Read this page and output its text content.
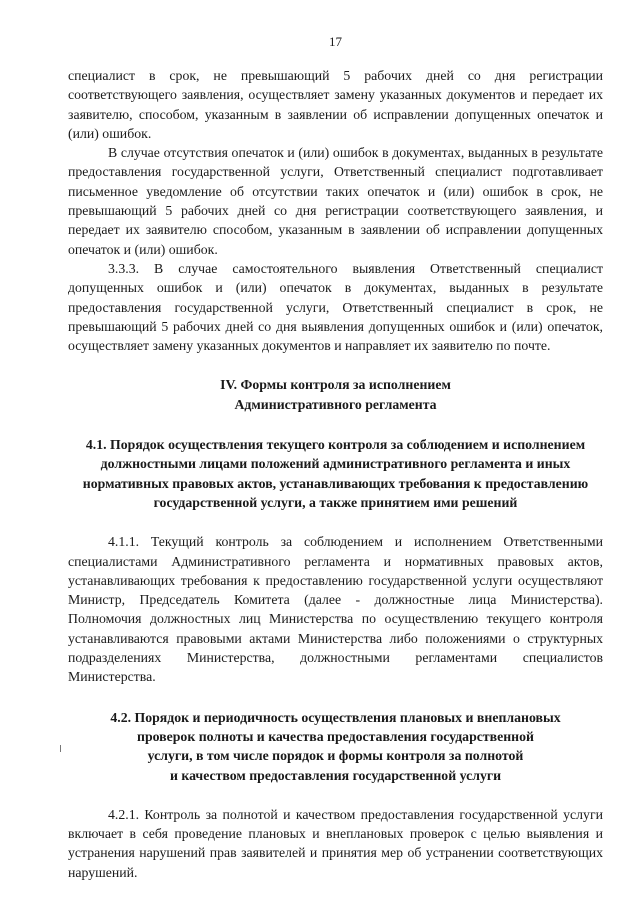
17

специалист в срок, не превышающий 5 рабочих дней со дня регистрации соответствующего заявления, осуществляет замену указанных документов и передает их заявителю, способом, указанным в заявлении об исправлении допущенных опечаток и (или) ошибок.

В случае отсутствия опечаток и (или) ошибок в документах, выданных в результате предоставления государственной услуги, Ответственный специалист подготавливает письменное уведомление об отсутствии таких опечаток и (или) ошибок в срок, не превышающий 5 рабочих дней со дня регистрации соответствующего заявления, и передает их заявителю способом, указанным в заявлении об исправлении допущенных опечаток и (или) ошибок.

3.3.3. В случае самостоятельного выявления Ответственный специалист допущенных ошибок и (или) опечаток в документах, выданных в результате предоставления государственной услуги, Ответственный специалист в срок, не превышающий 5 рабочих дней со дня выявления допущенных ошибок и (или) опечаток, осуществляет замену указанных документов и направляет их заявителю по почте.

IV. Формы контроля за исполнением

Административного регламента

4.1. Порядок осуществления текущего контроля за соблюдением и исполнением должностными лицами положений административного регламента и иных нормативных правовых актов, устанавливающих требования к предоставлению государственной услуги, а также принятием ими решений

4.1.1. Текущий контроль за соблюдением и исполнением Ответственными специалистами Административного регламента и нормативных правовых актов, устанавливающих требования к предоставлению государственной услуги осуществляют Министр, Председатель Комитета (далее - должностные лица Министерства). Полномочия должностных лиц Министерства по осуществлению текущего контроля устанавливаются правовыми актами Министерства либо положениями о структурных подразделениях Министерства, должностными регламентами специалистов Министерства.

4.2. Порядок и периодичность осуществления плановых и внеплановых

проверок полноты и качества предоставления государственной

услуги, в том числе порядок и формы контроля за полнотой

и качеством предоставления государственной услуги

4.2.1. Контроль за полнотой и качеством предоставления государственной услуги включает в себя проведение плановых и внеплановых проверок с целью выявления и устранения нарушений прав заявителей и принятия мер об устранении соответствующих нарушений.
